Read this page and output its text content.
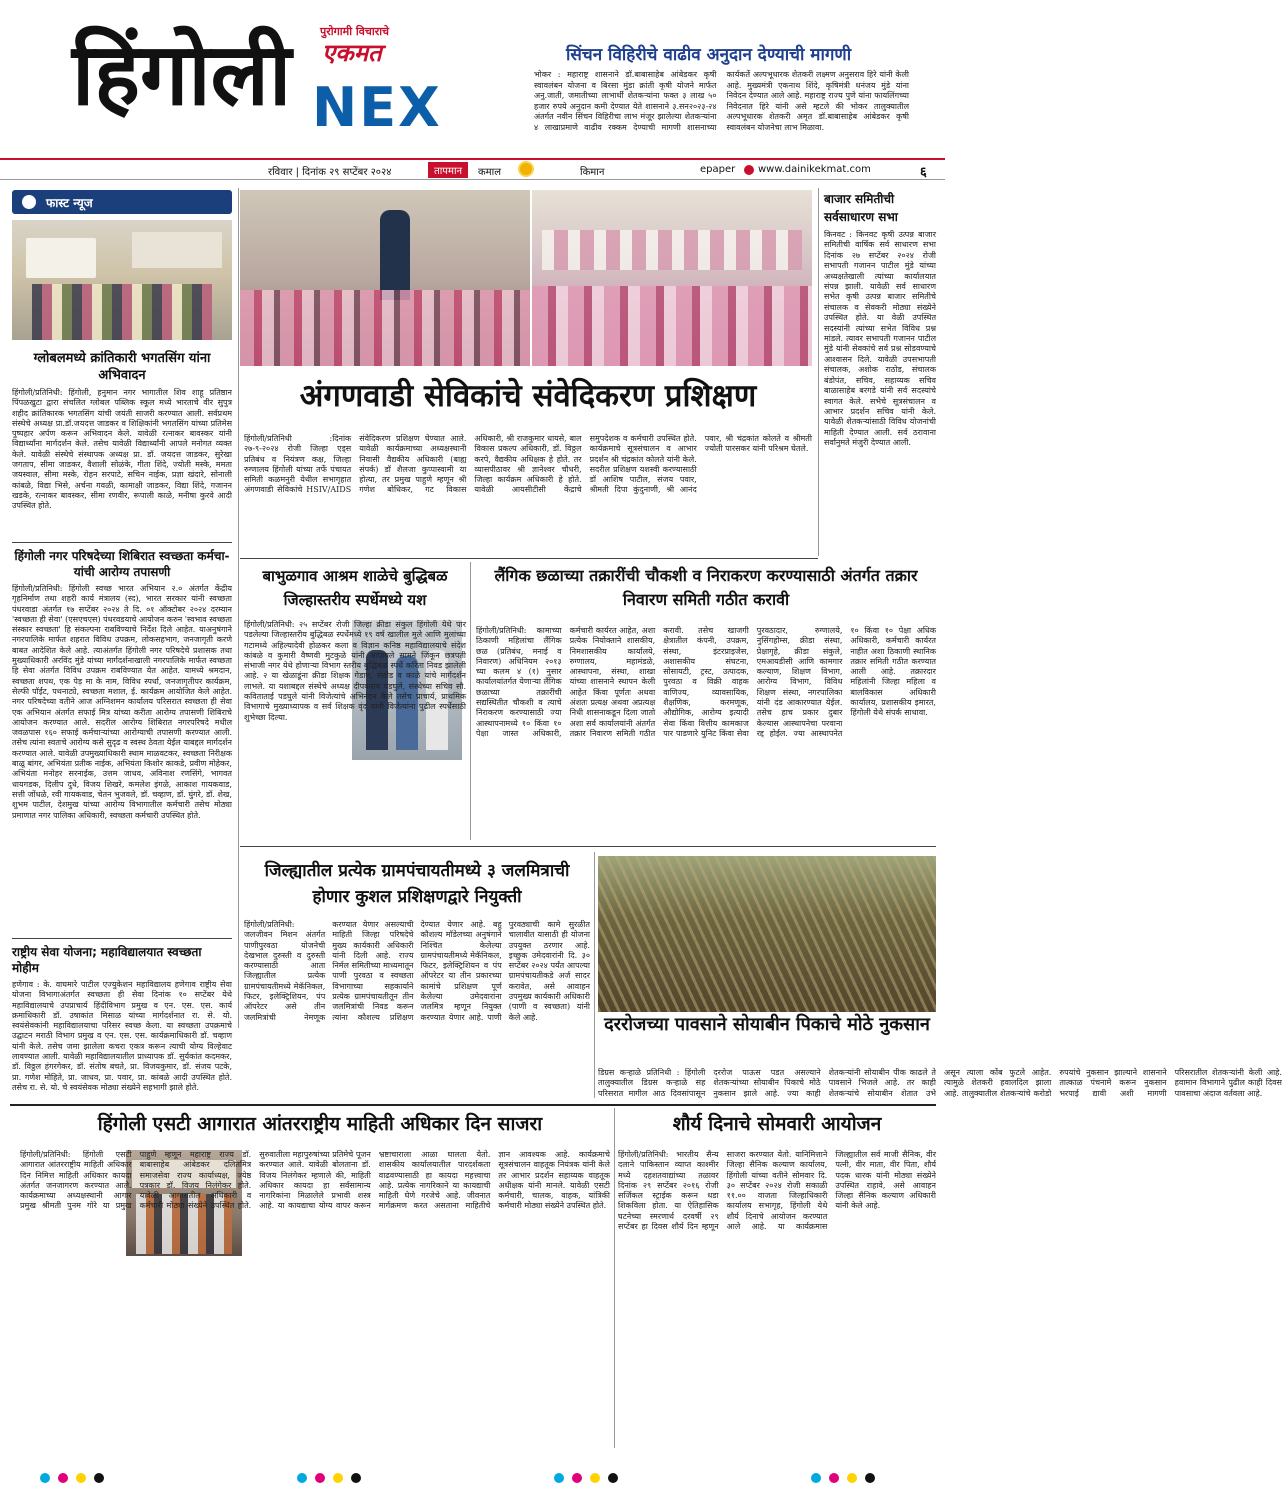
हिंगोली	पुरोगामी विचाराचे
एकमत
NEX
सिंचन विहिरीचे वाढीव अनुदान देण्याची मागणी
भोकर : महाराष्ट्र शासनाने डॉ.बाबासाहेब आंबेडकर कृषी स्वावलंबन योजना व बिरसा मुंडा क्रांती कृषी योजने मार्फत अनु.जाती, जमातीच्या लाभार्थी शेतकऱ्यांना फक्त ३ लाख ५० हजार रुपये अनुदान कमी देण्यात येते शासनाने ३.सन२०२३-२४ अंतर्गत नवीन सिंचन विहिरीचा लाभ मंजूर झालेल्या शेतकऱ्यांना ४ लाखाप्रमाणे वाढीव रक्कम देण्याची मागणी शासनाच्या कार्यकर्ते अल्पभूधारक शेतकरी लक्ष्मण अनुसराव हिरे यांनी केली आहे. मुख्यमंत्री एकनाथ शिंदे, कृषिमंत्री धनंजय मुंडे यांना निवेदन देण्यात आले आहे. महाराष्ट्र राज्य पुणे यांना फायलिंगच्या निवेदनात हिरे यांनी असे म्हटले की भोकर तालुक्यातील अल्पभूधारक शेतकरी अमृत डॉ.बाबासाहेब आंबेडकर कृषी स्वावलंबन योजनेचा लाभ मिळावा.
रविवार | दिनांक २९ सप्टेंबर २०२४	तापमान	कमाल	किमान	epaper www.dainikekmat.com	६
फास्ट न्यूज
ग्लोबलमध्ये क्रांतिकारी भगतसिंग यांना अभिवादन
हिंगोली/प्रतिनिधी: हिंगोली, हनुमान नगर भागातील शिव शाहू प्रतिष्ठान पिंपळखुटा द्वारा संचलित ग्लोबल पब्लिक स्कूल मध्ये भारताचे वीर सुपुत्र शहीद क्रांतिकारक भगतसिंग यांची जयंती साजरी करण्यात आली. सर्वप्रथम संस्थेचे अध्यक्ष प्रा.डॉ.जयदत्त जाडकर व शिक्षिकांनी भगतसिंग यांच्या प्रतिमेस पुष्पहार अर्पण करून अभिवादन केले. यावेळी रत्नाकर बावस्कर यांनी विद्यार्थ्यांना मार्गदर्शन केले. तसेच यावेळी विद्यार्थ्यांनी आपले मनोगत व्यक्त केले. यावेळी संस्थेचे संस्थापक अध्यक्ष प्रा. डॉ. जयदत्त जाडकर, सुरेखा जगताप, सीमा जाडकर, वैशाली सोळंके, गीता शिंदे, ज्योती मस्के, ममता जयस्वाल, सीमा मस्के, रोहन सरपाटे, सचिन नाईक, प्रज्ञा खंदारे, सोनाली कांबळे, विद्या भिसे, अर्चना गवळी, कामाक्षी जाडकर, विद्या शिंदे, गजानन खडके, रत्नाकर बावस्कर, सीमा रणवीर, रूपाली काळे, मनीषा कुरवे आदी उपस्थित होते.
हिंगोली नगर परिषदेच्या शिबिरात स्वच्छता कर्मचा-यांची आरोग्य तपासणी
हिंगोली/प्रतिनिधी: हिंगोली स्वच्छ भारत अभियान २.० अंतर्गत केंद्रीय गृहनिर्माण तथा शहरी कार्य मंत्रालय (स्द), भारत सरकार यांनी स्वच्छता पंधरवाडा अंतर्गत १७ सप्टेंबर २०२४ ते दि. ०१ ऑक्टोबर २०२४ दरम्यान 'स्वच्छता ही सेवा' (एसएचएस) पंधरवडयाचे आयोजन करुन 'स्वभाव स्वच्छता संस्कार स्वच्छता' हि संकल्पना राबविण्याचे निर्देश दिले आहेत. याअनुषंगाने नगरपालिके मार्फत शहरात विविध उपक्रम, लोकसहभाग, जनजागृती करणे बाबत आदेशित केले आहे. त्याअंतर्गत हिंगोली नगर परिषदेचे प्रशासक तथा मुख्याधिकारी अरविंद मुंडे यांच्या मार्गदर्शनाखाली नगरपालिके मार्फत स्वच्छता हि सेवा अंतर्गत विविध उपक्रम राबविण्यात येत आहेत. यामध्ये श्रमदान, स्वच्छता शपथ, एक पेड़ मा के नाम, विविध स्पर्धा, जनजागृतीपर कार्यक्रम, सेल्फी पॉईंट, पथनाट्ये, स्वच्छता मशाल, ई. कार्यक्रम आयोजित केले आहेत. नगर परिषदेच्या वतीने आज अग्निशमन कार्यालय परिसरात स्वच्छता ही सेवा एक अभियान अंतर्गत सफाई मित्र यांच्या करीता आरोग्य तपासणी शिबिराचे आयोजन करण्यात आले. सदरील आरोग्य शिबिरात नगरपरिषदे मधील जवळपास १६० सफाई कर्मचाऱ्यांच्या आरोग्याची तपासणी करण्यात आली. तसेच त्यांना स्वतःचे आरोग्य कसे सुदृढ व स्वस्थ ठेवता येईल याबद्दल मार्गदर्शन करण्यात आले. यावेळी उपमुख्याधिकारी स्थाम माळवटकर, स्वच्छता निरीक्षक बाळू बांगर, अभियंता प्रतीक नाईक, अभियंता किशोर काकडे, प्रवीण मोहेकर, अभियंता मनोहर सरनाईक, उत्तम जाधव, अविनाश रणसिंगे, भागवत धायगडक, दिलीप दुधे, विजय शिखरे, कमलेश इंगळे, आकाश गायकवाड, सत्ती जोंधळे, रवी गायकवाड, चेतन भुजवले, डॉ. चव्हाण, डॉ. घुंगरे, डॉ. शेख, शुभम पाटील, देशमुख यांच्या आरोग्य विभागातील कर्मचारी तसेच मोठ्या प्रमाणात नगर पालिका अधिकारी, स्वच्छता कर्मचारी उपस्थित होते.
राष्ट्रीय सेवा योजना; महाविद्यालयात स्वच्छता मोहीम
हणेगाव : के. वाघमारे पाटील एज्युकेशन महाविद्यालय हणेगाव राष्ट्रीय सेवा योजना विभागाअंतर्गत स्वच्छता ही सेवा दिनांक १० सप्टेंबर येथे महाविद्यालयाचे उपप्राचार्य हिंदीविभाग प्रमुख व एन. एस. एस. कार्य क्रमाधिकारी डॉ. उषाकांत मिसाळ यांच्या मार्गदर्शनात रा. से. यो. स्वयंसेवकांनी महाविद्यालयाचा परिसर स्वच्छ केला. या स्वच्छता उपक्रमाचे उद्घाटन मराठी विभाग प्रमुख व एन. एस. एस. कार्यक्रमाधिकारी डॉ. चव्हाण यांनी केले. तसेच जमा झालेला कचरा एकत्र करून त्याची योग्य विल्हेवाट लावण्यात आली. यावेळी महाविद्यालयातील प्राध्यापक डॉ. सुर्यकांत कदमकर, डॉ. विठ्ठल हंगरगेकर, डॉ. संतोष बचते, प्रा. विजयकुमार, डॉ. संजय पटके, प्रा. गणेश मोहिते, प्रा. जाधव, प्रा. पवार, प्रा. कांबळे आदी उपस्थित होते. तसेच रा. से. यो. चे स्वयंसेवक मोठ्या संख्येने सहभागी झाले होते.
अंगणवाडी सेविकांचे संवेदिकरण प्रशिक्षण
हिंगोली/प्रतिनिधी :दिनांक २७-९-२०२४ रोजी जिल्हा एड्स प्रतिबंध व नियंत्रण कक्ष, जिल्हा रुग्णालय हिंगोली यांच्या तर्फे पंचायत समिती कळमनुरी येथील सभागृहात अंगणवाडी सेविकांचे HSIV/AIDS संवेदिकरण प्रशिक्षण घेण्यात आले. यावेळी कार्यक्रमाच्या अध्यक्षस्थानी निवासी वैद्यकीय अधिकारी (बाह्य संपर्क) डॉ शैलजा कुप्पास्वामी या होत्या, तर प्रमुख पाहुणे म्हणून श्री गणेश बोधिकर, गट विकास अधिकारी, श्री राजकुमार धायसे, बाल विकास प्रकल्प अधिकारी, डॉ. विठ्ठल करपे, वैद्यकीय अधिक्षक हे होते. तर व्यासपीठावर श्री ज्ञानेश्वर चौधरी, जिल्हा कार्यक्रम अधिकारी हे होते. यावेळी आयसीटीसी केंद्राचे समुपदेशक व कर्मचारी उपस्थित होते. कार्यक्रमाचे सूत्रसंचालन व आभार प्रदर्शन श्री चंद्रकांत कोलते यांनी केले. सदरील प्रशिक्षण यशस्वी करण्यासाठी डॉ आशिष पाटील, संजय पवार, श्रीमती दिपा कुंदुनाणी, श्री आनंद पवार, श्री चंद्रकांत कोलते व श्रीमती ज्योती पारसकर यांनी परिश्रम घेतले.
बाजार समितीची सर्वसाधारण सभा
किनवट : किनवट कृषी उत्पन्न बाजार समितीची वार्षिक सर्व साधारण सभा दिनांक २७ सप्टेंबर २०२४ रोजी सभापती गजानन पाटील मुंडे यांच्या अध्यक्षतेखाली त्यांच्या कार्यालयात संपन्न झाली. यावेळी सर्व साधारण सभेत कृषी उत्पन्न बाजार समितीचे संचालक व सेवकरी मोठ्या संख्येने उपस्थित होते. या वेळी उपस्थित सदस्यांनी त्यांच्या सभेत विविध प्रश्न मांडले. त्यावर सभापती गजानन पाटील मुंडे यांनी सेवकांचे सर्व प्रश्न सोडवण्याचे आश्वासन दिले. यावेळी उपसभापती संचालक, अशोक राठोड, संचालक बंडोपंत, सचिव, सहाय्यक सचिव बाळासाहेब बरगडे यांनी सर्व सदस्यांचे स्वागत केले. सभेचे सूत्रसंचालन व आभार प्रदर्शन सचिव यांनी केले. यावेळी शेतकऱ्यांसाठी विविध योजनांची माहिती देण्यात आली. सर्व ठरावाना सर्वानुमते मंजुरी देण्यात आली.
बाभुळगाव आश्रम शाळेचे बुद्धिबळ जिल्हास्तरीय स्पर्धेमध्ये यश
हिंगोली/प्रतिनिधी: २५ सप्टेंबर रोजी जिल्हा क्रीडा संकुल हिंगोली येथे पार पडलेल्या जिल्हास्तरीय बुद्धिबळ स्पर्धेमध्ये १९ वर्ष खालील मुले आणि मुलांच्या गटामध्ये अहिल्यादेवी होळकर कला व विज्ञान कनिष्ठ महाविद्यालयाचे संदेश कांबळे व कुमारी वैष्णवी मुटकुळे यांनी आपापले सामने जिंकून छत्रपती संभाजी नगर येथे होणाऱ्या विभाग स्तरीय बुद्धिबळ स्पर्धे करिता निवड झालेली आहे. २ या खेळाडूंना क्रीडा शिक्षक गेडाम, राठोड व काळे यांचे मार्गदर्शन लाभले. या यशाबद्दल संस्थेचे अध्यक्ष दीपकराव पडघुले, संस्थेच्या सचिव सौ. कविताताई पडघुले यांनी विजेत्यांचे अभिनंदन केले तसेच प्राचार्य, प्राथमिक विभागाचे मुख्याध्यापक व सर्व शिक्षक वृंद यांनी विजेत्यांना पुढील स्पर्धेसाठी शुभेच्छा दिल्या.
लैंगिक छळाच्या तक्रारींची चौकशी व निराकरण करण्यासाठी अंतर्गत तक्रार निवारण समिती गठीत करावी
हिंगोली/प्रतिनिधी: कामाच्या ठिकाणी महिलांचा लैंगिक छळ (प्रतिबंध, मनाई व निवारण) अधिनियम २०१३ च्या कलम ४ (१) नुसार कार्यालयांतर्गत येणाऱ्या लैंगिक छळाच्या तक्रारींची सद्यस्थितीत चौकशी व त्याचे निराकरण करण्यासाठी ज्या आस्थापनामध्ये १० किंवा १० पेक्षा जास्त अधिकारी, कर्मचारी कार्यरत आहेत, अशा प्रत्येक नियोक्ताने शासकीय, निमशासकीय कार्यालये, रुग्णालय, महामंडळे, आस्थापना, संस्था, शाखा यांच्या शासनाने स्थापन केली आहेत किंवा पूर्णतः अथवा अंशतः प्रत्यक्ष अथवा अप्रत्यक्ष निधी शासनाकडून दिला जातो अशा सर्व कार्यालयांनी अंतर्गत तक्रार निवारण समिती गठीत करावी. तसेच खाजगी क्षेत्रातील कंपनी, उपक्रम, संस्था, इंटरप्राइजेस, अशासकीय संघटना, सोसायटी, ट्रस्ट, उत्पादक, पुरवठा व विक्री वाहक वाणिज्य, व्यावसायिक, शैक्षणिक, करमणूक, औद्योगिक, आरोग्य इत्यादी सेवा किंवा वित्तीय कामकाज पार पाडणारे युनिट किंवा सेवा पुरवठादार, रुग्णालये, नुसिंगहोम्स, क्रीडा संस्था, प्रेक्षागृहे, क्रीडा संकुले, एमआयडीसी आणि कामगार कल्याण, शिक्षण विभाग, आरोग्य विभाग, विविध शिक्षण संस्था, नगरपालिका यांनी दंड आकारण्यात येईल. तसेच हाच प्रकार दुबार केल्यास आस्थापनेचा परवाना रद्द होईल. ज्या आस्थापनेत १० किंवा १० पेक्षा अधिक अधिकारी, कर्मचारी कार्यरत नाहीत अशा ठिकाणी स्थानिक तक्रार समिती गठीत करण्यात आली आहे. तक्रारदार महिलांनी जिल्हा महिला व बालविकास अधिकारी कार्यालय, प्रशासकीय इमारत, हिंगोली येथे संपर्क साधावा.
जिल्ह्यातील प्रत्येक ग्रामपंचायतीमध्ये ३ जलमित्राची होणार कुशल प्रशिक्षणद्वारे नियुक्ती
हिंगोली/प्रतिनिधी: जलजीवन मिशन अंतर्गत पाणीपुरवठा योजनेची देखभाल दुरुस्ती व दुरुस्ती करण्यासाठी आता जिल्ह्यातील प्रत्येक ग्रामपंचायतीमध्ये मेकॅनिकल, फिटर, इलेक्ट्रिशियन, पंप ऑपरेटर असे तीन जलमित्रांची नेमणूक करण्यात येणार असल्याची माहिती जिल्हा परिषदेचे मुख्य कार्यकारी अधिकारी यांनी दिली आहे. राज्य निर्मल समितीच्या माध्यमातून पाणी पुरवठा व स्वच्छता विभागाच्या सहकार्याने प्रत्येक ग्रामपंचायतीतून तीन जलमित्रांची निवड करून त्यांना कौशल्य प्रशिक्षण देण्यात येणार आहे. बहु कौशल्य मॉडेलच्या अनुषंगाने निश्चित केलेल्या ग्रामपंचायतीमध्ये मेकॅनिकल, फिटर, इलेक्ट्रिशियन व पंप ऑपरेटर या तीन प्रकारच्या कामांचे प्रशिक्षण पूर्ण केलेल्या उमेदवारांना जलमित्र म्हणून नियुक्त करण्यात येणार आहे. पाणी पुरवठ्याची कामे सुरळीत चालावीत यासाठी ही योजना उपयुक्त ठरणार आहे. इच्छुक उमेदवारांनी दि. ३० सप्टेंबर २०२४ पर्यंत आपल्या ग्रामपंचायतीकडे अर्ज सादर करावेत, असे आवाहन उपमुख्य कार्यकारी अधिकारी (पाणी व स्वच्छता) यांनी केले आहे.	दररोजच्या पावसाने सोयाबीन पिकाचे मोठे नुकसान
डिग्रस कऱ्हाळे प्रतिनिधी : हिंगोली तालुक्यातील डिग्रस कऱ्हाळे सह परिसरात मागील आठ दिवसांपासून दररोज पाऊस पडत असल्याने शेतकऱ्यांच्या सोयाबीन पिकाचे मोठे नुकसान झाले आहे. ज्या काही शेतकऱ्यांनी सोयाबीन पीक काढले ते पावसाने भिजले आहे. तर काही शेतकऱ्यांचे सोयाबीन शेतात उभे असून त्याला कोंब फुटले आहेत. त्यामुळे शेतकरी हवालदिल झाला आहे. तालुक्यातील शेतकऱ्यांचे करोडो रुपयांचे नुकसान झाल्याने शासनाने तात्काळ पंचनामे करून नुकसान भरपाई द्यावी अशी मागणी परिसरातील शेतकऱ्यांनी केली आहे. हवामान विभागाने पुढील काही दिवस पावसाचा अंदाज वर्तवला आहे.
हिंगोली एसटी आगारात आंतरराष्ट्रीय माहिती अधिकार दिन साजरा
हिंगोली/प्रतिनिधी: हिंगोली एसटी आगारात आंतरराष्ट्रीय माहिती अधिकार दिन निमित्त माहिती अधिकार कायदा अंतर्गत जनजागरण करण्यात आले. कार्यक्रमाच्या अध्यक्षस्थानी आगार प्रमुख श्रीमती पुनम गोरे या प्रमुख पाहुणे म्हणून महाराष्ट्र राज्य डॉ. बाबासाहेब आंबेडकर दलितमित्र समाजसेवा राज्य कार्याध्यक्ष, ज्येष्ठ पत्रकार डॉ. विजय निलंगेकर होते. यावेळी आगारातील अधिकारी व कर्मचारी मोठ्या संख्येने उपस्थित होते. सुरुवातीला महापुरुषांच्या प्रतिमेचे पूजन करण्यात आले. यावेळी बोलताना डॉ. विजय निलंगेकर म्हणाले की, माहिती अधिकार कायदा हा सर्वसामान्य नागरिकांना मिळालेले प्रभावी शस्त्र आहे. या कायद्याचा योग्य वापर करून भ्रष्टाचाराला आळा घालता येतो. शासकीय कार्यालयातील पारदर्शकता वाढवण्यासाठी हा कायदा महत्त्वाचा आहे. प्रत्येक नागरिकाने या कायद्याची माहिती घेणे गरजेचे आहे. जीवनात मार्गक्रमण करत असताना माहितीचे ज्ञान आवश्यक आहे. कार्यक्रमाचे सूत्रसंचालन वाहतूक नियंत्रक यांनी केले तर आभार प्रदर्शन सहाय्यक वाहतूक अधीक्षक यांनी मानले. यावेळी एसटी कर्मचारी, चालक, वाहक, यांत्रिकी कर्मचारी मोठ्या संख्येने उपस्थित होते.
शौर्य दिनाचे सोमवारी आयोजन
हिंगोली/प्रतिनिधी: भारतीय सैन्य दलाने पाकिस्तान व्याप्त काश्मीर मध्ये दहशतवाद्यांच्या तळावर दिनांक २९ सप्टेंबर २०१६ रोजी सर्जिकल स्ट्राईक करून धडा शिकविला होता. या ऐतिहासिक घटनेच्या स्मरणार्थ दरवर्षी २९ सप्टेंबर हा दिवस शौर्य दिन म्हणून साजरा करण्यात येतो. यानिमित्ताने जिल्हा सैनिक कल्याण कार्यालय, हिंगोली यांच्या वतीने सोमवार दि. ३० सप्टेंबर २०२४ रोजी सकाळी ११.०० वाजता जिल्हाधिकारी कार्यालय सभागृह, हिंगोली येथे शौर्य दिनाचे आयोजन करण्यात आले आहे. या कार्यक्रमास जिल्ह्यातील सर्व माजी सैनिक, वीर पत्नी, वीर माता, वीर पिता, शौर्य पदक धारक यांनी मोठ्या संख्येने उपस्थित राहावे, असे आवाहन जिल्हा सैनिक कल्याण अधिकारी यांनी केले आहे.
